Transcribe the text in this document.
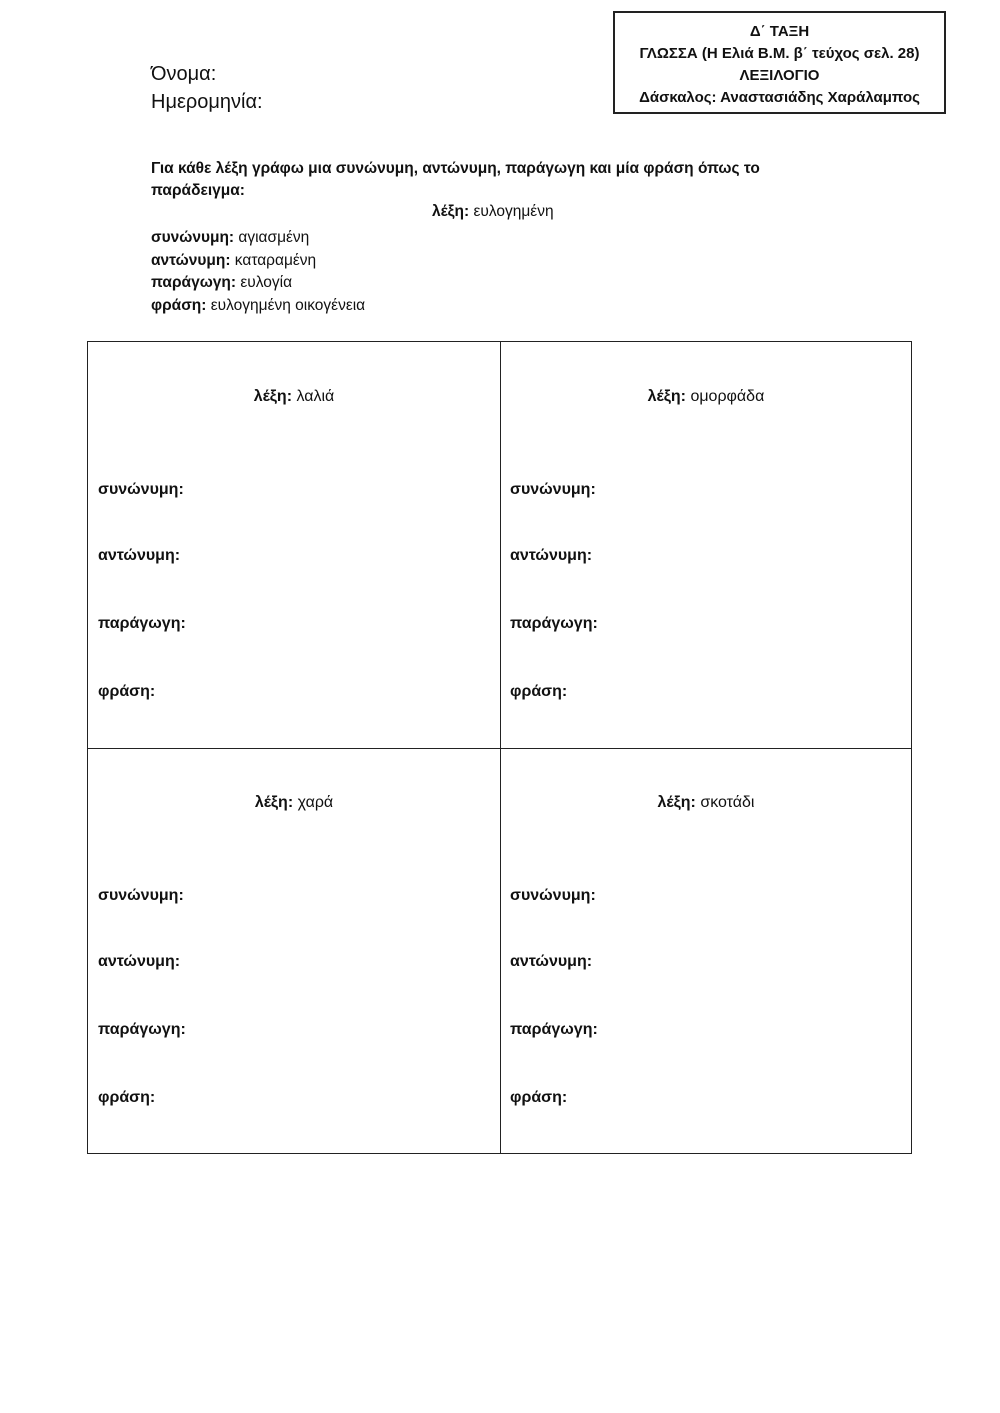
Δ΄ ΤΑΞΗ
ΓΛΩΣΣΑ (Η Ελιά Β.Μ. β΄ τεύχος σελ. 28)
ΛΕΞΙΛΟΓΙΟ
Δάσκαλος: Αναστασιάδης Χαράλαμπος
Όνομα:
Ημερομηνία:
Για κάθε λέξη γράφω μια συνώνυμη, αντώνυμη, παράγωγη και μία φράση όπως το παράδειγμα:
λέξη: ευλογημένη
συνώνυμη: αγιασμένη
αντώνυμη: καταραμένη
παράγωγη: ευλογία
φράση: ευλογημένη οικογένεια
λέξη: λαλιά
συνώνυμη:
αντώνυμη:
παράγωγη:
φράση:
λέξη: ομορφάδα
συνώνυμη:
αντώνυμη:
παράγωγη:
φράση:
λέξη: χαρά
συνώνυμη:
αντώνυμη:
παράγωγη:
φράση:
λέξη: σκοτάδι
συνώνυμη:
αντώνυμη:
παράγωγη:
φράση:
